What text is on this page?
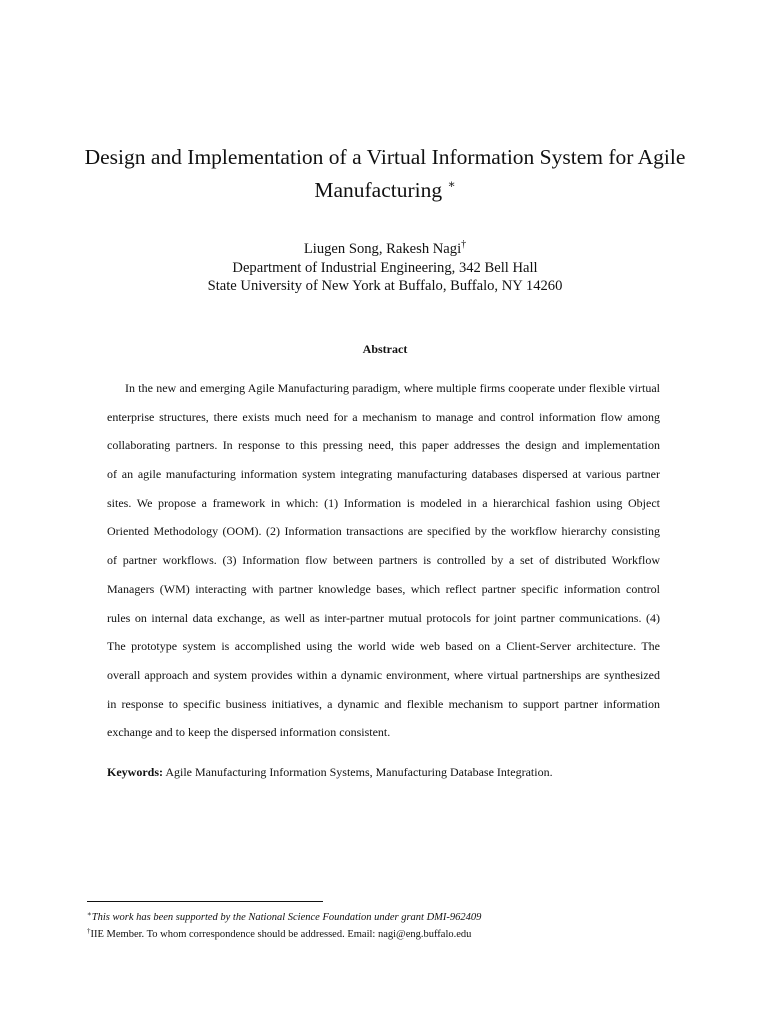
Design and Implementation of a Virtual Information System for Agile
Manufacturing ∗
Liugen Song, Rakesh Nagi†
Department of Industrial Engineering, 342 Bell Hall
State University of New York at Buffalo, Buffalo, NY 14260
Abstract
In the new and emerging Agile Manufacturing paradigm, where multiple firms cooperate under flexible virtual
enterprise structures, there exists much need for a mechanism to manage and control information flow among
collaborating partners. In response to this pressing need, this paper addresses the design and implementation
of an agile manufacturing information system integrating manufacturing databases dispersed at various partner
sites. We propose a framework in which: (1) Information is modeled in a hierarchical fashion using Object
Oriented Methodology (OOM). (2) Information transactions are specified by the workflow hierarchy consisting
of partner workflows. (3) Information flow between partners is controlled by a set of distributed Workflow
Managers (WM) interacting with partner knowledge bases, which reflect partner specific information control
rules on internal data exchange, as well as inter-partner mutual protocols for joint partner communications. (4)
The prototype system is accomplished using the world wide web based on a Client-Server architecture. The
overall approach and system provides within a dynamic environment, where virtual partnerships are synthesized
in response to specific business initiatives, a dynamic and flexible mechanism to support partner information
exchange and to keep the dispersed information consistent.

Keywords: Agile Manufacturing Information Systems, Manufacturing Database Integration.

∗This work has been supported by the National Science Foundation under grant DMI-962409
†IIE Member. To whom correspondence should be addressed. Email: nagi@eng.buffalo.edu
